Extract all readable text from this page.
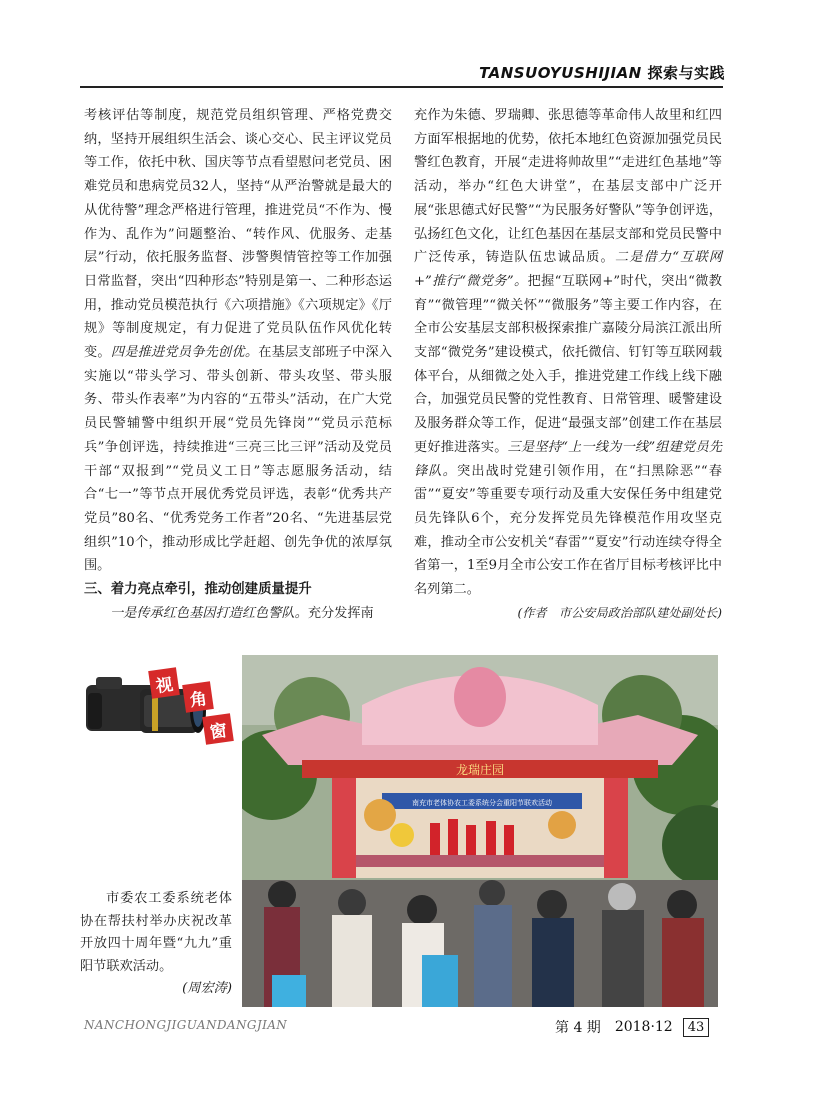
TANSUOYUSHIJIAN 探索与实践

考核评估等制度，规范党员组织管理、严格党费交纳，坚持开展组织生活会、谈心交心、民主评议党员等工作，依托中秋、国庆等节点看望慰问老党员、困难党员和患病党员32人，坚持“从严治警就是最大的从优待警”理念严格进行管理，推进党员“不作为、慢作为、乱作为”问题整治、“转作风、优服务、走基层”行动，依托服务监督、涉警舆情管控等工作加强日常监督，突出“四种形态”特别是第一、二种形态运用，推动党员模范执行《六项措施》《六项规定》《厅规》等制度规定，有力促进了党员队伍作风优化转变。四是推进党员争先创优。在基层支部班子中深入实施以“带头学习、带头创新、带头攻坚、带头服务、带头作表率”为内容的“五带头”活动，在广大党员民警辅警中组织开展“党员先锋岗”“党员示范标兵”争创评选，持续推进“三亮三比三评”活动及党员干部“双报到”“党员义工日”等志愿服务活动，结合“七一”等节点开展优秀党员评选，表彰“优秀共产党员”80名、“优秀党务工作者”20名、“先进基层党组织”10个，推动形成比学赶超、创先争优的浓厚氛围。

三、着力亮点牵引，推动创建质量提升

一是传承红色基因打造红色警队。充分发挥南

充作为朱德、罗瑞卿、张思德等革命伟人故里和红四方面军根据地的优势，依托本地红色资源加强党员民警红色教育，开展“走进将帅故里”“走进红色基地”等活动，举办“红色大讲堂”，在基层支部中广泛开展“张思德式好民警”“为民服务好警队”等争创评选，弘扬红色文化，让红色基因在基层支部和党员民警中广泛传承，铸造队伍忠诚品质。二是借力“互联网+”推行“微党务”。把握“互联网+”时代，突出“微教育”“微管理”“微关怀”“微服务”等主要工作内容，在全市公安基层支部积极探索推广嘉陵分局滨江派出所支部“微党务”建设模式，依托微信、钉钉等互联网载体平台，从细微之处入手，推进党建工作线上线下融合，加强党员民警的党性教育、日常管理、暖警建设及服务群众等工作，促进“最强支部”创建工作在基层更好推进落实。三是坚持“上一线为一线”组建党员先锋队。突出战时党建引领作用，在“扫黑除恶”“春雷”“夏安”等重要专项行动及重大安保任务中组建党员先锋队6个，充分发挥党员先锋模范作用攻坚克难，推动全市公安机关“春雷”“夏安”行动连续夺得全省第一，1至9月全市公安工作在省厅目标考核评比中名列第二。

(作者　市公安局政治部队建处副处长)

视
角
窗
龙瑞庄园
南充市老体协农工委系统分会重阳节联欢活动
市委农工委系统老体协在帮扶村举办庆祝改革开放四十周年暨“九九”重阳节联欢活动。
(周宏涛)
NANCHONGJIGUANDANGJIAN	第 4 期 2018·12	43
